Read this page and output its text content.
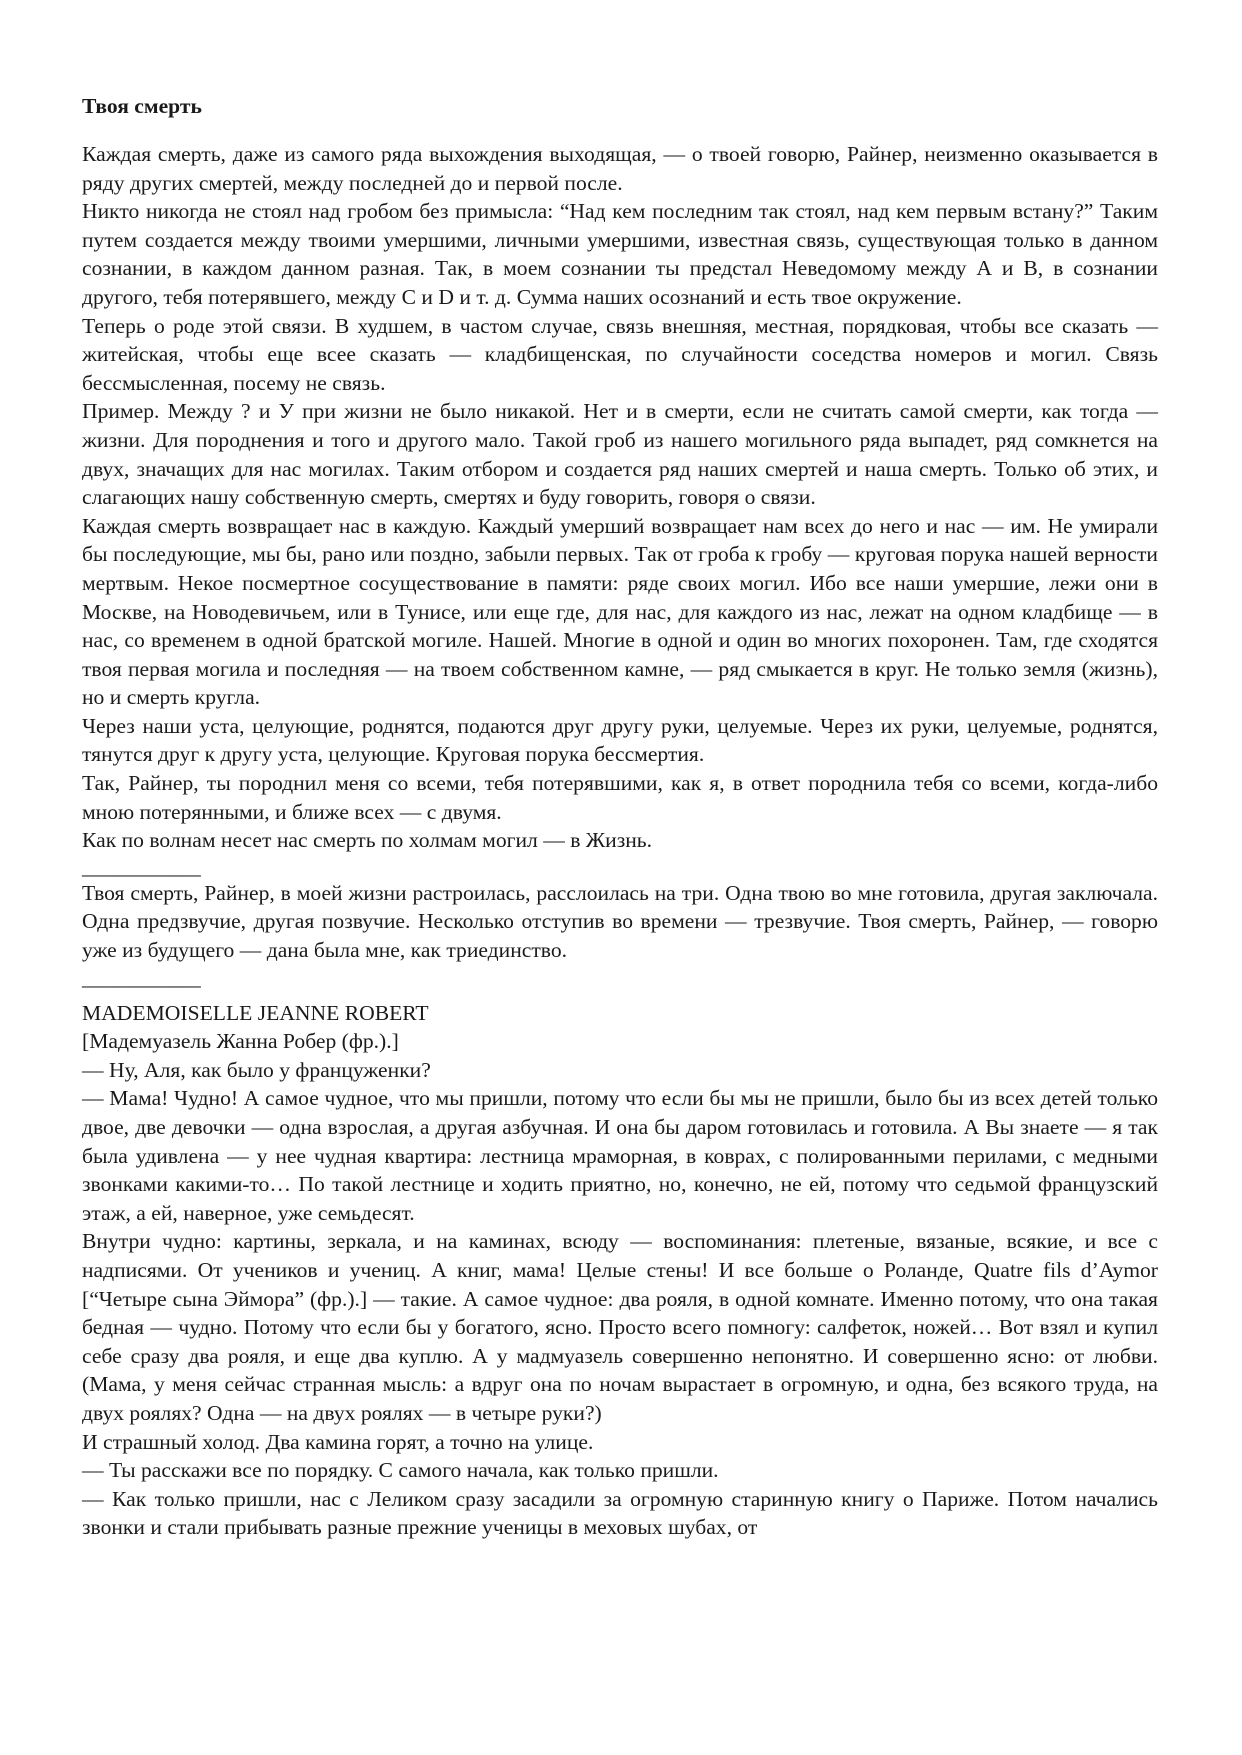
Твоя смерть

Каждая смерть, даже из самого ряда выхождения выходящая, — о твоей говорю, Райнер, неизменно оказывается в ряду других смертей, между последней до и первой после.

Никто никогда не стоял над гробом без примысла: “Над кем последним так стоял, над кем первым встану?” Таким путем создается между твоими умершими, личными умершими, известная связь, существующая только в данном сознании, в каждом данном разная. Так, в моем сознании ты предстал Неведомому между А и В, в сознании другого, тебя потерявшего, между С и D и т. д. Сумма наших осознаний и есть твое окружение.

Теперь о роде этой связи. В худшем, в частом случае, связь внешняя, местная, порядковая, чтобы все сказать — житейская, чтобы еще всее сказать — кладбищенская, по случайности соседства номеров и могил. Связь бессмысленная, посему не связь.

Пример. Между ? и У при жизни не было никакой. Нет и в смерти, если не считать самой смерти, как тогда — жизни. Для породнения и того и другого мало. Такой гроб из нашего могильного ряда выпадет, ряд сомкнется на двух, значащих для нас могилах. Таким отбором и создается ряд наших смертей и наша смерть. Только об этих, и слагающих нашу собственную смерть, смертях и буду говорить, говоря о связи.

Каждая смерть возвращает нас в каждую. Каждый умерший возвращает нам всех до него и нас — им. Не умирали бы последующие, мы бы, рано или поздно, забыли первых. Так от гроба к гробу — круговая порука нашей верности мертвым. Некое посмертное сосуществование в памяти: ряде своих могил. Ибо все наши умершие, лежи они в Москве, на Новодевичьем, или в Тунисе, или еще где, для нас, для каждого из нас, лежат на одном кладбище — в нас, со временем в одной братской могиле. Нашей. Многие в одной и один во многих похоронен. Там, где сходятся твоя первая могила и последняя — на твоем собственном камне, — ряд смыкается в круг. Не только земля (жизнь), но и смерть кругла.

Через наши уста, целующие, роднятся, подаются друг другу руки, целуемые. Через их руки, целуемые, роднятся, тянутся друг к другу уста, целующие. Круговая порука бессмертия.

Так, Райнер, ты породнил меня со всеми, тебя потерявшими, как я, в ответ породнила тебя со всеми, когда-либо мною потерянными, и ближе всех — с двумя.

Как по волнам несет нас смерть по холмам могил — в Жизнь.

___________

Твоя смерть, Райнер, в моей жизни растроилась, расслоилась на три. Одна твою во мне готовила, другая заключала. Одна предзвучие, другая позвучие. Несколько отступив во времени — трезвучие. Твоя смерть, Райнер, — говорю уже из будущего — дана была мне, как триединство.

___________

MADEMOISELLE JEANNE ROBERT

[Мадемуазель Жанна Робер (фр.).]

— Ну, Аля, как было у француженки?

— Мама! Чудно! А самое чудное, что мы пришли, потому что если бы мы не пришли, было бы из всех детей только двое, две девочки — одна взрослая, а другая азбучная. И она бы даром готовилась и готовила. А Вы знаете — я так была удивлена — у нее чудная квартира: лестница мраморная, в коврах, с полированными перилами, с медными звонками какими-то… По такой лестнице и ходить приятно, но, конечно, не ей, потому что седьмой французский этаж, а ей, наверное, уже семьдесят.

Внутри чудно: картины, зеркала, и на каминах, всюду — воспоминания: плетеные, вязаные, всякие, и все с надписями. От учеников и учениц. А книг, мама! Целые стены! И все больше о Роланде, Quatre fils d’Aymor [“Четыре сына Эймора” (фр.).] — такие. А самое чудное: два рояля, в одной комнате. Именно потому, что она такая бедная — чудно. Потому что если бы у богатого, ясно. Просто всего помногу: салфеток, ножей… Вот взял и купил себе сразу два рояля, и еще два куплю. А у мадмуазель совершенно непонятно. И совершенно ясно: от любви. (Мама, у меня сейчас странная мысль: а вдруг она по ночам вырастает в огромную, и одна, без всякого труда, на двух роялях? Одна — на двух роялях — в четыре руки?)

И страшный холод. Два камина горят, а точно на улице.

— Ты расскажи все по порядку. С самого начала, как только пришли.

— Как только пришли, нас с Леликом сразу засадили за огромную старинную книгу о Париже. Потом начались звонки и стали прибывать разные прежние ученицы в меховых шубах, от
